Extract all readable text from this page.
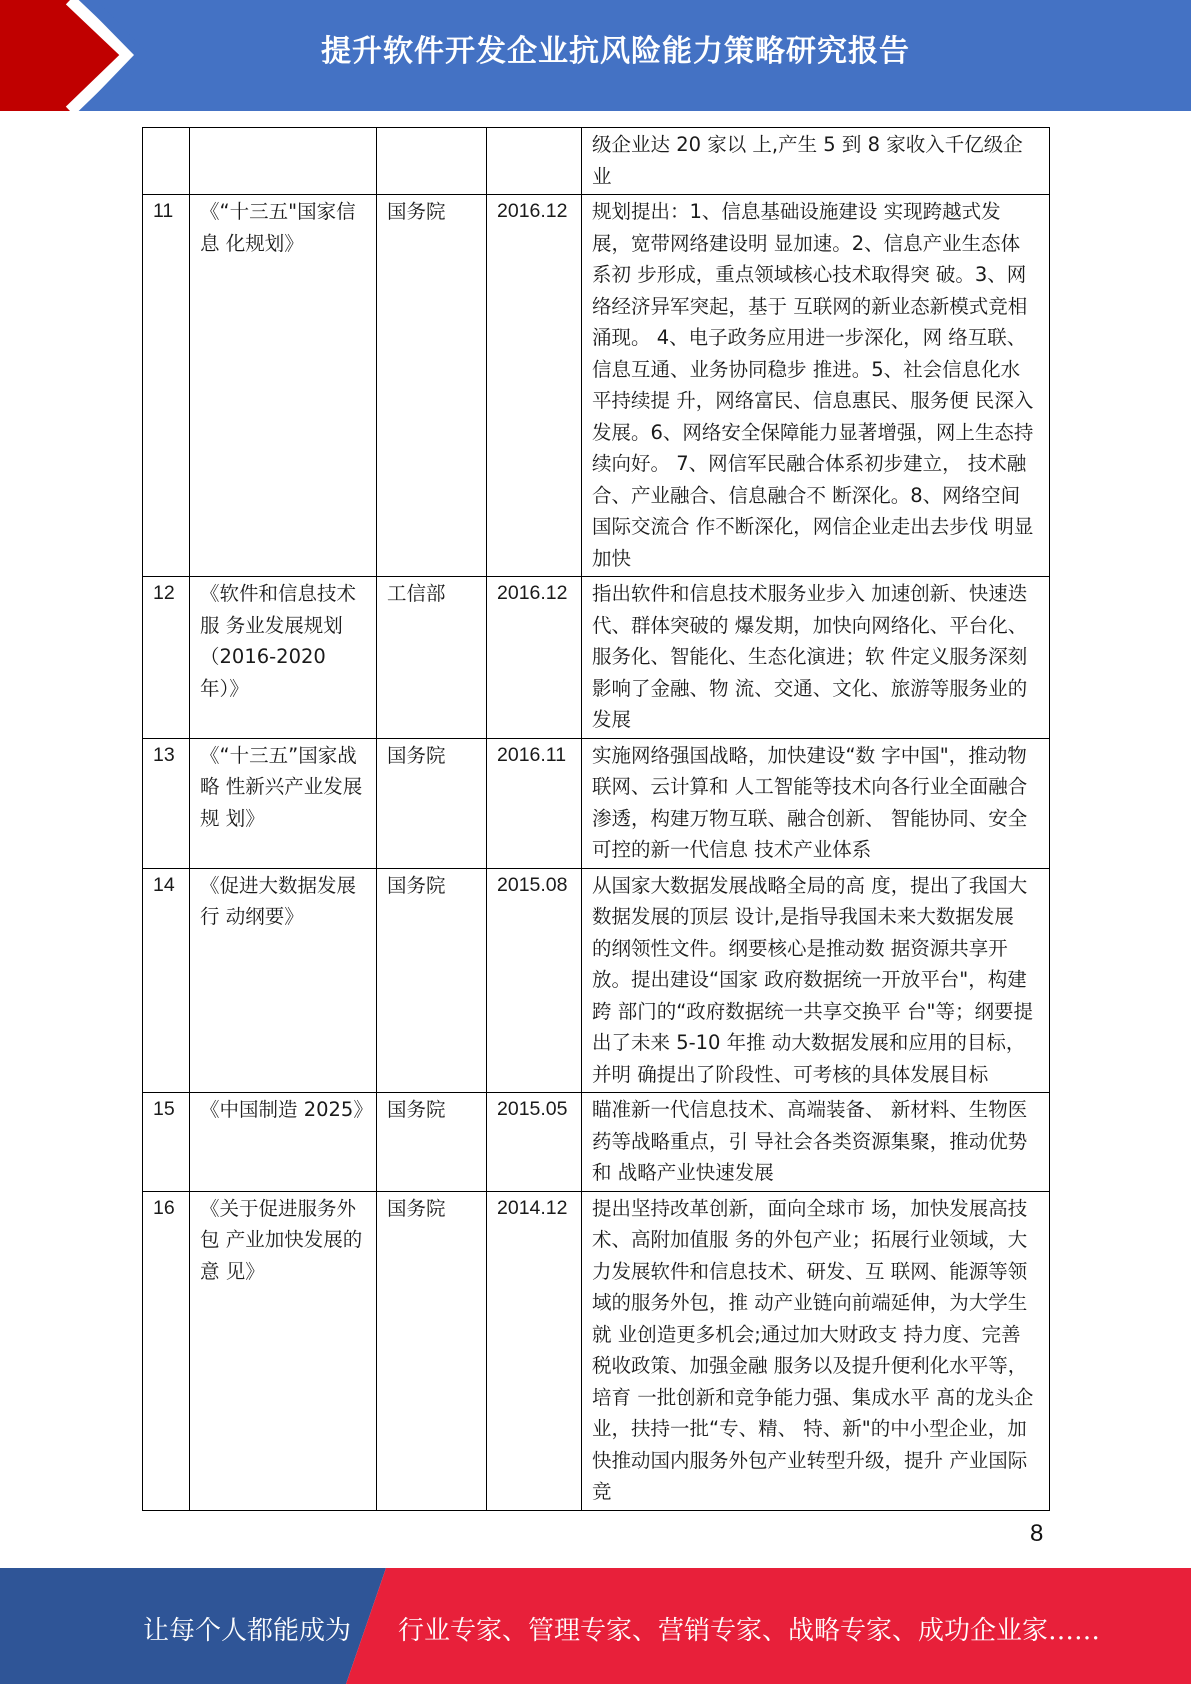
提升软件开发企业抗风险能力策略研究报告
				级企业达 20 家以 上,产生 5 到 8 家收入千亿级企业
11	《“十三五"国家信息 化规划》	国务院	2016.12	规划提出：1、信息基础设施建设 实现跨越式发展，宽带网络建设明 显加速。2、信息产业生态体系初 步形成，重点领域核心技术取得突 破。3、网络经济异军突起，基于 互联网的新业态新模式竞相涌现。 4、电子政务应用进一步深化，网 络互联、信息互通、业务协同稳步 推进。5、社会信息化水平持续提 升，网络富民、信息惠民、服务便 民深入发展。6、网络安全保障能力显著增强，网上生态持续向好。 7、网信军民融合体系初步建立， 技术融合、产业融合、信息融合不 断深化。8、网络空间国际交流合 作不断深化，网信企业走出去步伐 明显加快
12	《软件和信息技术服 务业发展规划（2016-2020 年）》	工信部	2016.12	指出软件和信息技术服务业步入 加速创新、快速迭代、群体突破的 爆发期，加快向网络化、平台化、 服务化、智能化、生态化演进；软 件定义服务深刻影响了金融、物 流、交通、文化、旅游等服务业的 发展
13	《“十三五”国家战略 性新兴产业发展规 划》	国务院	2016.11	实施网络强国战略，加快建设“数 字中国"，推动物联网、云计算和 人工智能等技术向各行业全面融合渗透，构建万物互联、融合创新、 智能协同、安全可控的新一代信息 技术产业体系
14	《促进大数据发展行 动纲要》	国务院	2015.08	从国家大数据发展战略全局的高 度，提出了我国大数据发展的顶层 设计,是指导我国未来大数据发展 的纲领性文件。纲要核心是推动数 据资源共享开放。提出建设“国家 政府数据统一开放平台"，构建跨 部门的“政府数据统一共享交换平 台"等；纲要提出了未来 5-10 年推 动大数据发展和应用的目标，并明 确提出了阶段性、可考核的具体发展目标
15	《中国制造 2025》	国务院	2015.05	瞄准新一代信息技术、高端装备、 新材料、生物医药等战略重点，引 导社会各类资源集聚，推动优势和 战略产业快速发展
16	《关于促进服务外包 产业加快发展的意 见》	国务院	2014.12	提出坚持改革创新，面向全球市 场，加快发展高技术、高附加值服 务的外包产业；拓展行业领域，大 力发展软件和信息技术、研发、互 联网、能源等领域的服务外包，推 动产业链向前端延伸，为大学生就 业创造更多机会;通过加大财政支 持力度、完善税收政策、加强金融 服务以及提升便利化水平等，培育 一批创新和竞争能力强、集成水平 髙的龙头企业，扶持一批“专、精、 特、新"的中小型企业，加快推动国内服务外包产业转型升级，提升 产业国际竞
8
让每个人都能成为 行业专家、管理专家、营销专家、战略专家、成功企业家……
